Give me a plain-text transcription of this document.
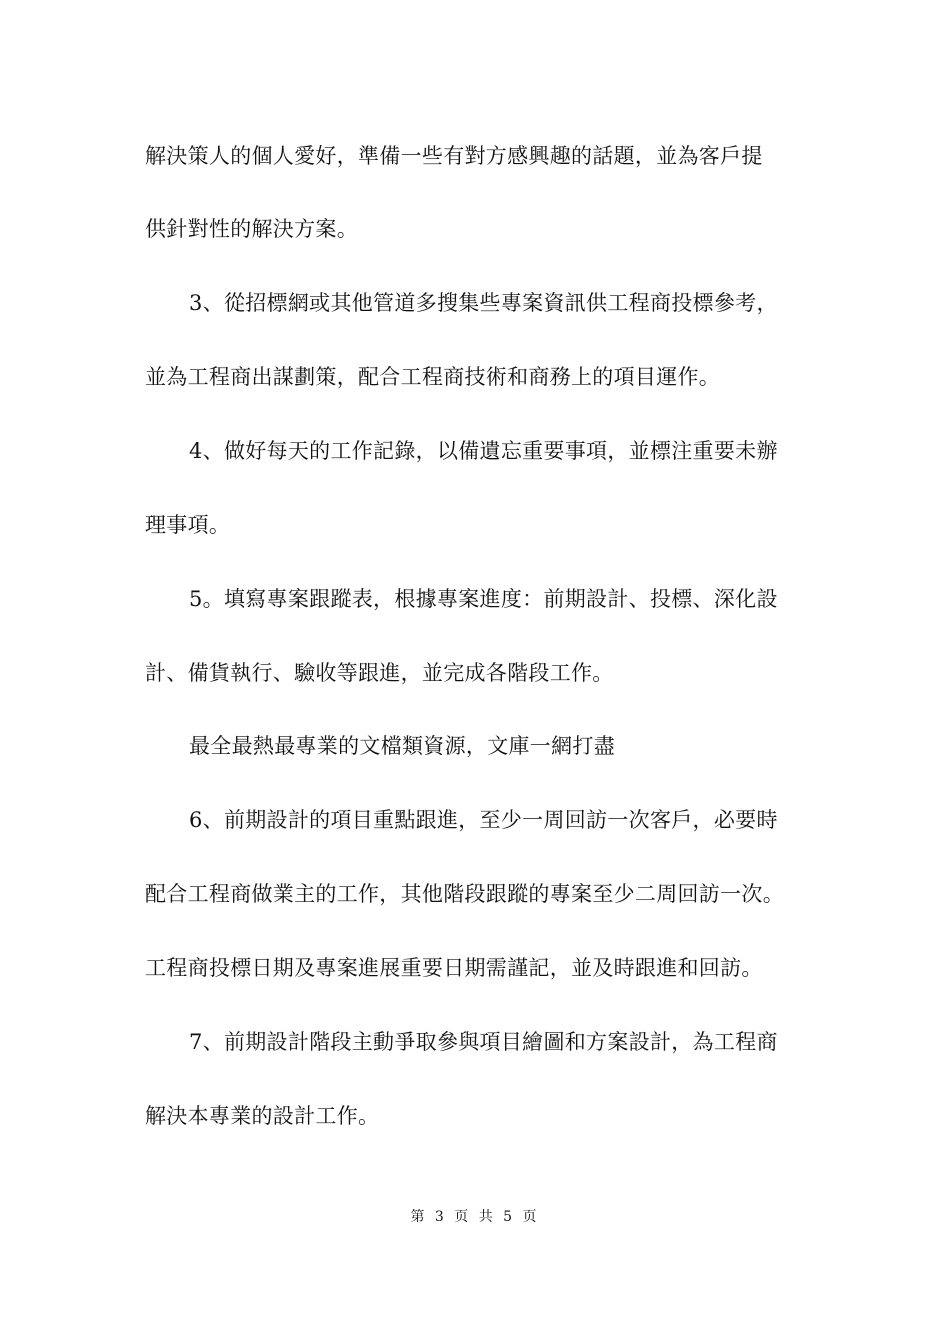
解決策人的個人愛好，準備一些有對方感興趣的話題，並為客戶提
供針對性的解決方案。
3、從招標網或其他管道多搜集些專案資訊供工程商投標參考，
並為工程商出謀劃策，配合工程商技術和商務上的項目運作。
4、做好每天的工作記錄，以備遺忘重要事項，並標注重要未辦
理事項。
5。填寫專案跟蹤表，根據專案進度：前期設計、投標、深化設
計、備貨執行、驗收等跟進，並完成各階段工作。
最全最熱最專業的文檔類資源，文庫一網打盡
6、前期設計的項目重點跟進，至少一周回訪一次客戶，必要時
配合工程商做業主的工作，其他階段跟蹤的專案至少二周回訪一次。
工程商投標日期及專案進展重要日期需謹記，並及時跟進和回訪。
7、前期設計階段主動爭取參與項目繪圖和方案設計，為工程商
解決本專業的設計工作。
第 3 页 共 5 页
